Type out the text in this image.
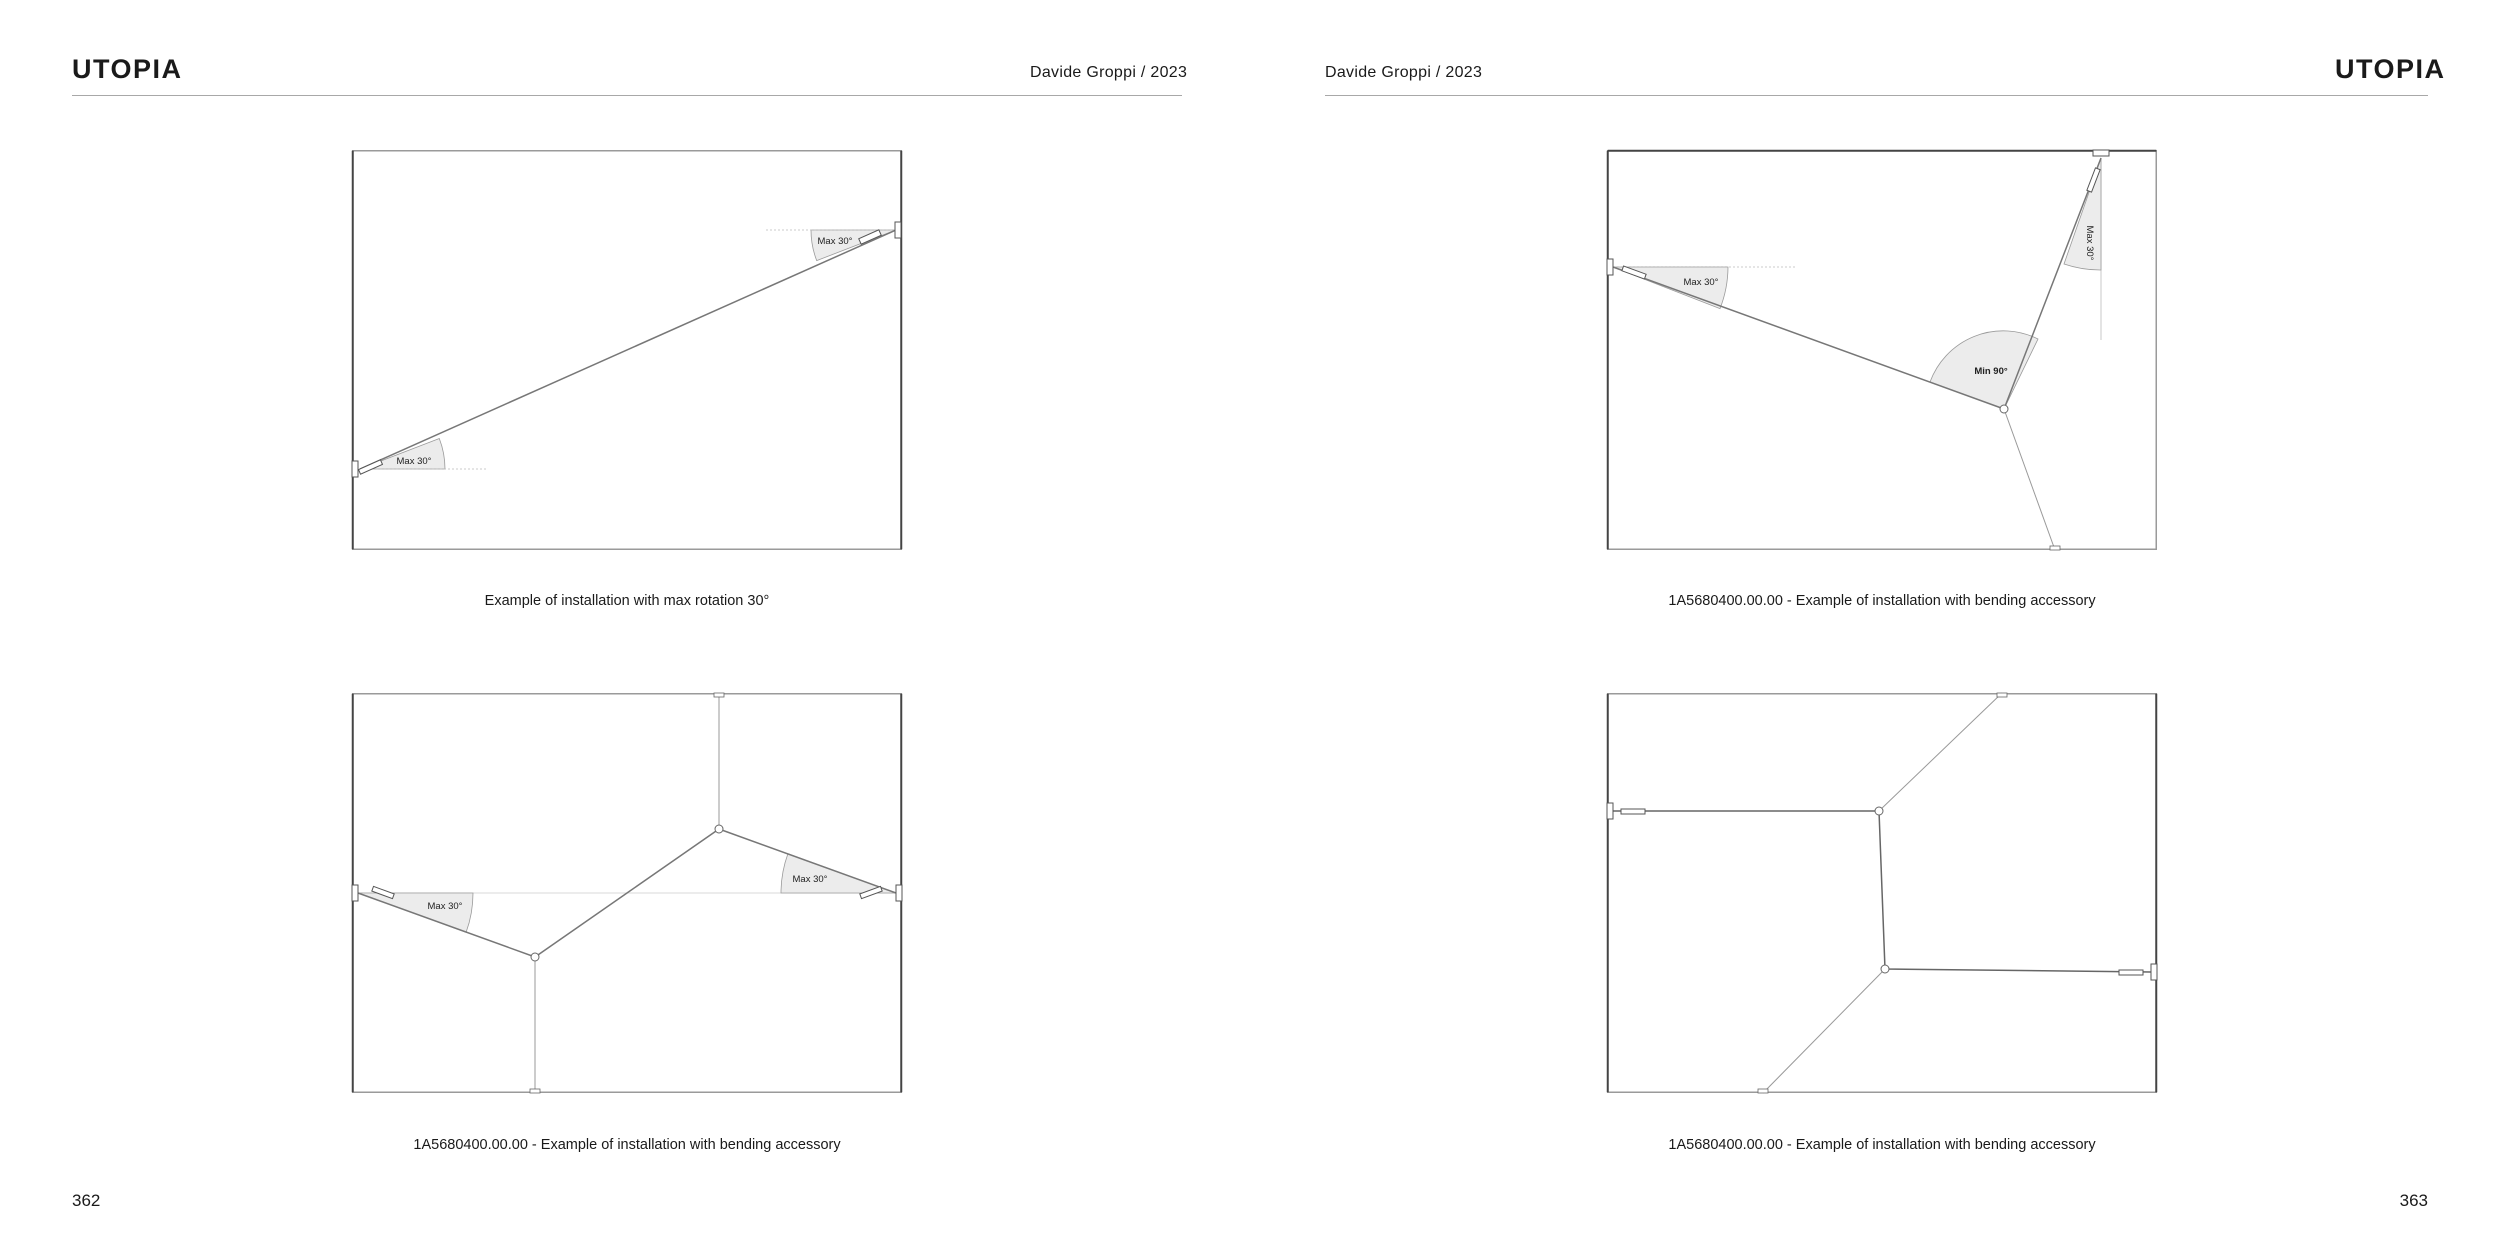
UTOPIA	Davide Groppi / 2023
Max 30°
Max 30°
Example of installation with max rotation 30°
Max 30°
Max 30°
1A5680400.00.00 - Example of installation with bending accessory
362
Davide Groppi / 2023	UTOPIA
Max 30°
Max 30°
Min 90°
1A5680400.00.00 - Example of installation with bending accessory
1A5680400.00.00 - Example of installation with bending accessory
363
